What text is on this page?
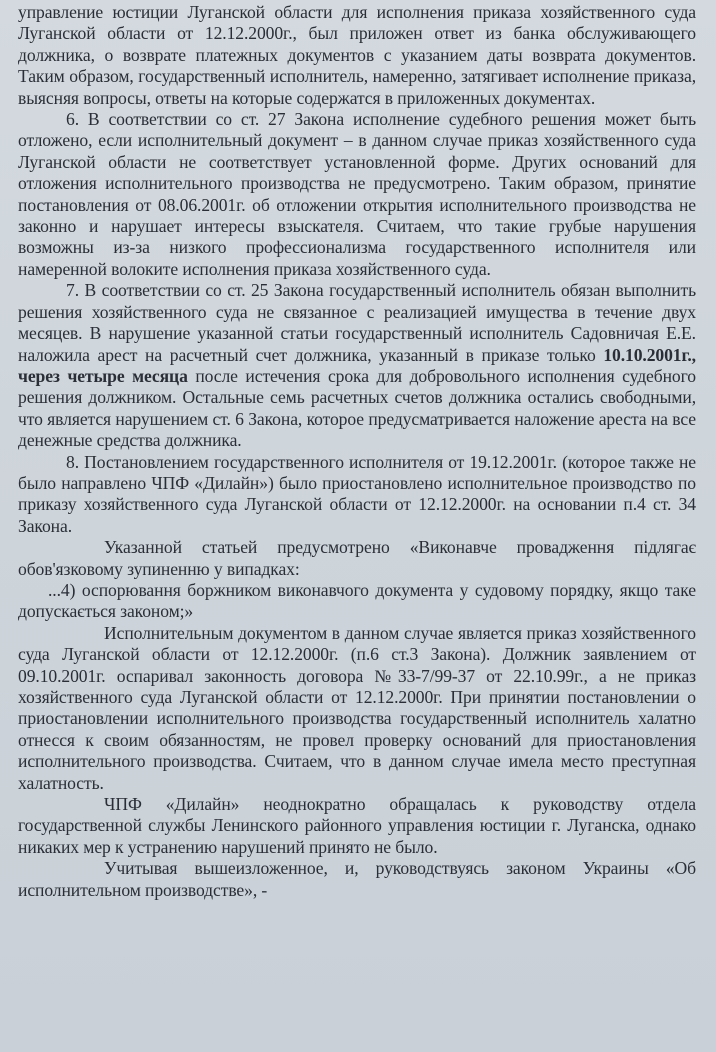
управление юстиции Луганской области для исполнения приказа хозяйственного суда Луганской области от 12.12.2000г., был приложен ответ из банка обслуживающего должника, о возврате платежных документов с указанием даты возврата документов. Таким образом, государственный исполнитель, намеренно, затягивает исполнение приказа, выясняя вопросы, ответы на которые содержатся в приложенных документах.

6. В соответствии со ст. 27 Закона исполнение судебного решения может быть отложено, если исполнительный документ – в данном случае приказ хозяйственного суда Луганской области не соответствует установленной форме. Других оснований для отложения исполнительного производства не предусмотрено. Таким образом, принятие постановления от 08.06.2001г. об отложении открытия исполнительного производства не законно и нарушает интересы взыскателя. Считаем, что такие грубые нарушения возможны из-за низкого профессионализма государственного исполнителя или намеренной волоките исполнения приказа хозяйственного суда.

7. В соответствии со ст. 25 Закона государственный исполнитель обязан выполнить решения хозяйственного суда не связанное с реализацией имущества в течение двух месяцев. В нарушение указанной статьи государственный исполнитель Садовничая Е.Е. наложила арест на расчетный счет должника, указанный в приказе только 10.10.2001г., через четыре месяца после истечения срока для добровольного исполнения судебного решения должником. Остальные семь расчетных счетов должника остались свободными, что является нарушением ст. 6 Закона, которое предусматривается наложение ареста на все денежные средства должника.

8. Постановлением государственного исполнителя от 19.12.2001г. (которое также не было направлено ЧПФ «Дилайн») было приостановлено исполнительное производство по приказу хозяйственного суда Луганской области от 12.12.2000г. на основании п.4 ст. 34 Закона.

Указанной статьей предусмотрено «Виконавче провадження підлягає обов'язковому зупиненню у випадках:

...4) оспорювання боржником виконавчого документа у судовому порядку, якщо таке допускається законом;»

Исполнительным документом в данном случае является приказ хозяйственного суда Луганской области от 12.12.2000г. (п.6 ст.3 Закона). Должник заявлением от 09.10.2001г. оспаривал законность договора №33-7/99-37 от 22.10.99г., а не приказ хозяйственного суда Луганской области от 12.12.2000г. При принятии постановлении о приостановлении исполнительного производства государственный исполнитель халатно отнесся к своим обязанностям, не провел проверку оснований для приостановления исполнительного производства. Считаем, что в данном случае имела место преступная халатность.

ЧПФ «Дилайн» неоднократно обращалась к руководству отдела государственной службы Ленинского районного управления юстиции г. Луганска, однако никаких мер к устранению нарушений принято не было.

Учитывая вышеизложенное, и, руководствуясь законом Украины «Об исполнительном производстве», -
